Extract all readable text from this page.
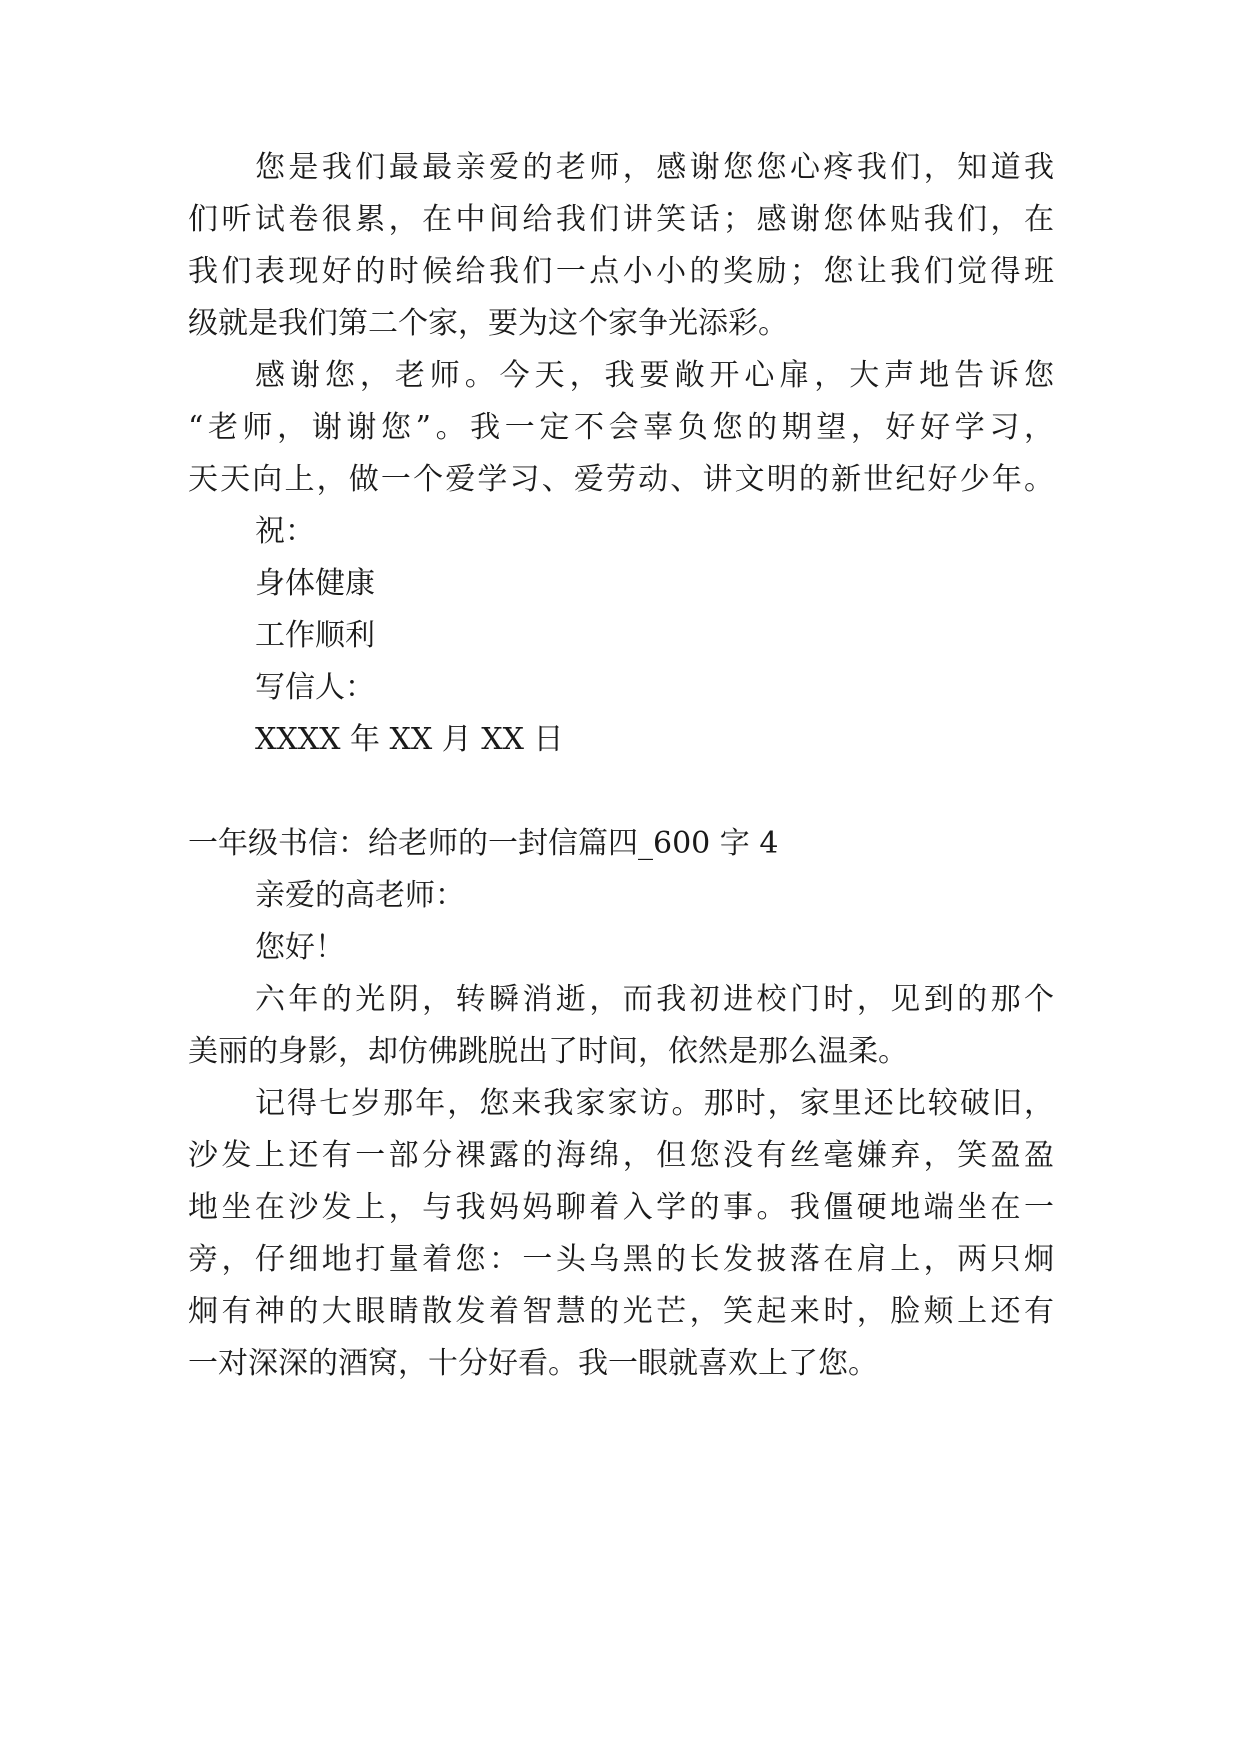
您是我们最最亲爱的老师，感谢您您心疼我们，知道我

们听试卷很累，在中间给我们讲笑话；感谢您体贴我们，在

我们表现好的时候给我们一点小小的奖励；您让我们觉得班

级就是我们第二个家，要为这个家争光添彩。

感谢您，老师。今天，我要敞开心扉，大声地告诉您

“老师，谢谢您”。我一定不会辜负您的期望，好好学习，

天天向上，做一个爱学习、爱劳动、讲文明的新世纪好少年。

祝：

身体健康

工作顺利

写信人：

XXXX 年 XX 月 XX 日

一年级书信：给老师的一封信篇四_600 字 4

亲爱的高老师：

您好！

六年的光阴，转瞬消逝，而我初进校门时，见到的那个

美丽的身影，却仿佛跳脱出了时间，依然是那么温柔。

记得七岁那年，您来我家家访。那时，家里还比较破旧，

沙发上还有一部分裸露的海绵，但您没有丝毫嫌弃，笑盈盈

地坐在沙发上，与我妈妈聊着入学的事。我僵硬地端坐在一

旁，仔细地打量着您：一头乌黑的长发披落在肩上，两只炯

炯有神的大眼睛散发着智慧的光芒，笑起来时，脸颊上还有

一对深深的酒窝，十分好看。我一眼就喜欢上了您。
